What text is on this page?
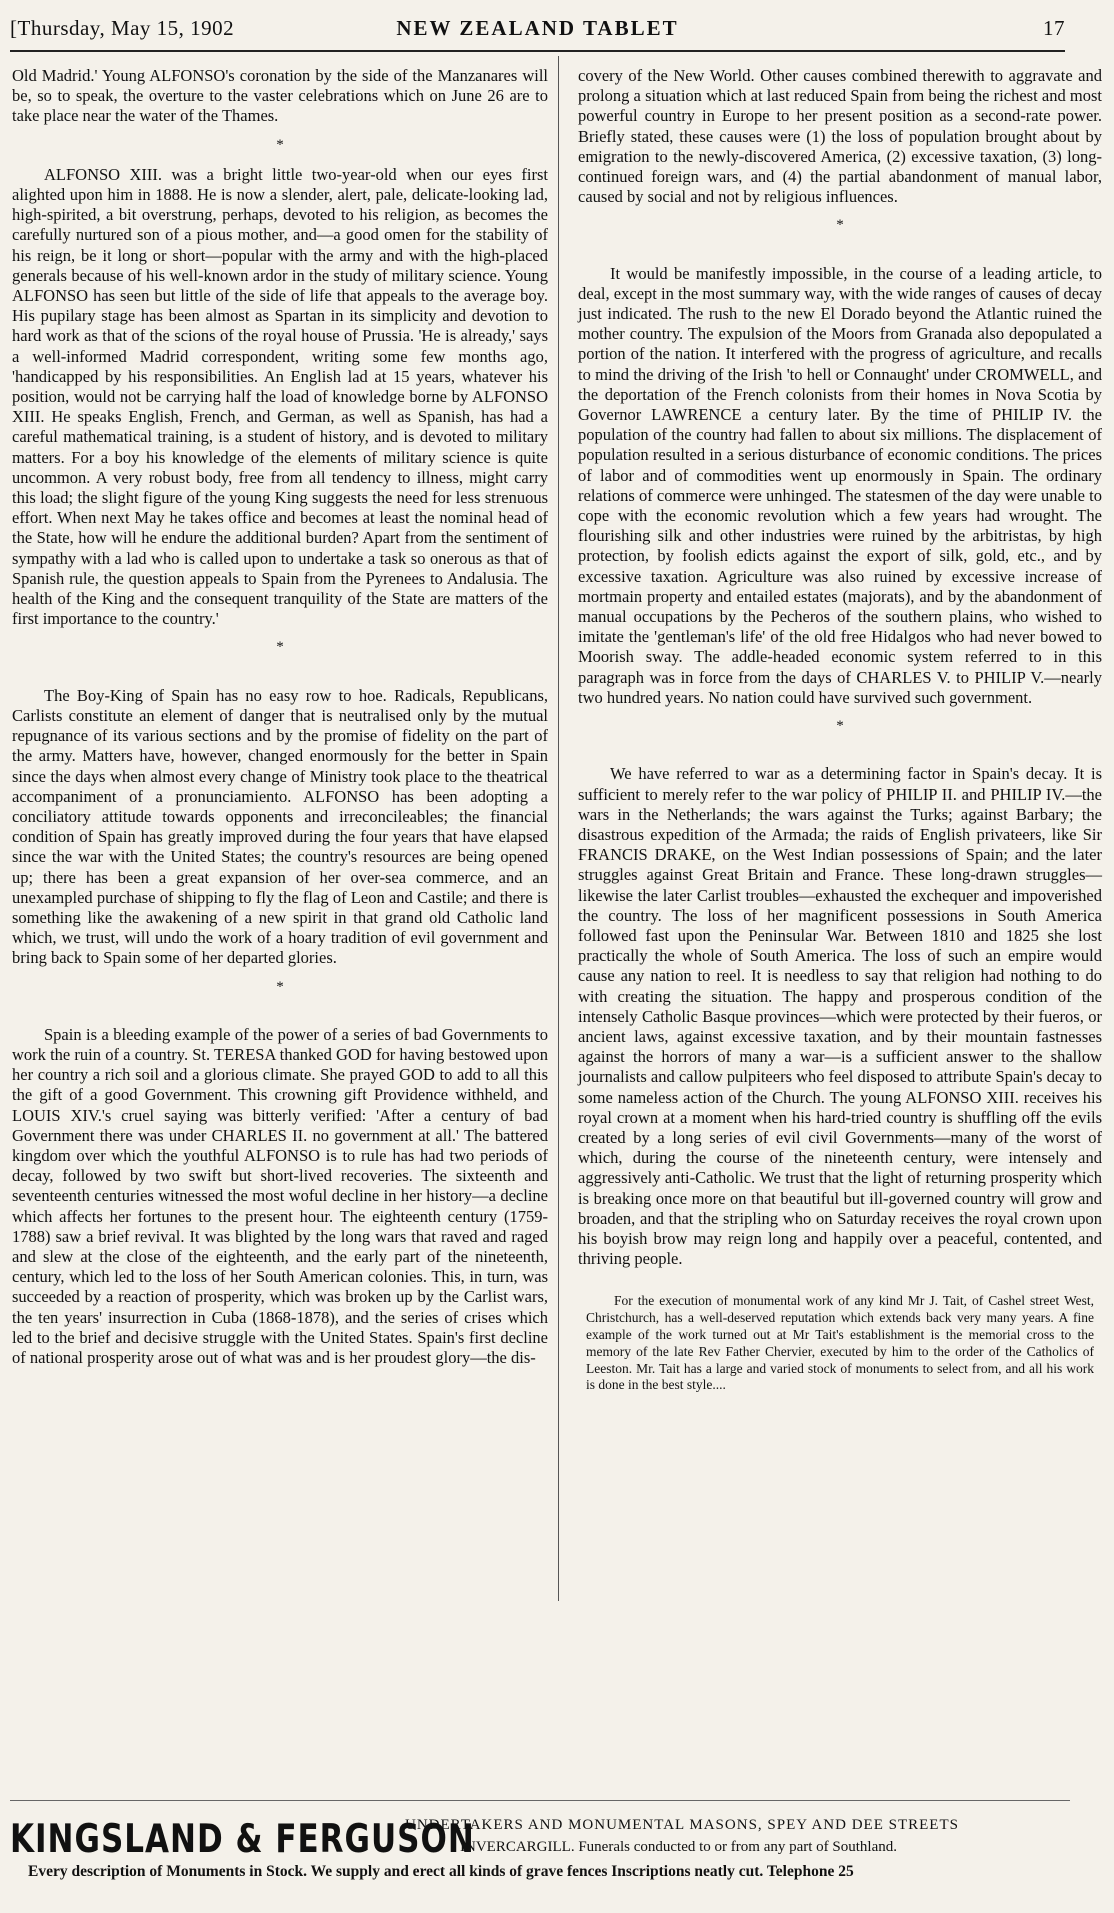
[Thursday, May 15, 1902	NEW ZEALAND TABLET	17

Old Madrid.' Young ALFONSO's coronation by the side of the Manzanares will be, so to speak, the overture to the vaster celebrations which on June 26 are to take place near the water of the Thames.

*

ALFONSO XIII. was a bright little two-year-old when our eyes first alighted upon him in 1888. He is now a slender, alert, pale, delicate-looking lad, high-spirited, a bit overstrung, perhaps, devoted to his religion, as becomes the carefully nurtured son of a pious mother, and—a good omen for the stability of his reign, be it long or short—popular with the army and with the high-placed generals because of his well-known ardor in the study of military science. Young ALFONSO has seen but little of the side of life that appeals to the average boy. His pupilary stage has been almost as Spartan in its simplicity and devotion to hard work as that of the scions of the royal house of Prussia. 'He is already,' says a well-informed Madrid correspondent, writing some few months ago, 'handicapped by his responsibilities. An English lad at 15 years, whatever his position, would not be carrying half the load of knowledge borne by ALFONSO XIII. He speaks English, French, and German, as well as Spanish, has had a careful mathematical training, is a student of history, and is devoted to military matters. For a boy his knowledge of the elements of military science is quite uncommon. A very robust body, free from all tendency to illness, might carry this load; the slight figure of the young King suggests the need for less strenuous effort. When next May he takes office and becomes at least the nominal head of the State, how will he endure the additional burden? Apart from the sentiment of sympathy with a lad who is called upon to undertake a task so onerous as that of Spanish rule, the question appeals to Spain from the Pyrenees to Andalusia. The health of the King and the consequent tranquility of the State are matters of the first importance to the country.'

*

The Boy-King of Spain has no easy row to hoe. Radicals, Republicans, Carlists constitute an element of danger that is neutralised only by the mutual repugnance of its various sections and by the promise of fidelity on the part of the army. Matters have, however, changed enormously for the better in Spain since the days when almost every change of Ministry took place to the theatrical accompaniment of a pronunciamiento. ALFONSO has been adopting a conciliatory attitude towards opponents and irreconcileables; the financial condition of Spain has greatly improved during the four years that have elapsed since the war with the United States; the country's resources are being opened up; there has been a great expansion of her over-sea commerce, and an unexampled purchase of shipping to fly the flag of Leon and Castile; and there is something like the awakening of a new spirit in that grand old Catholic land which, we trust, will undo the work of a hoary tradition of evil government and bring back to Spain some of her departed glories.

*

Spain is a bleeding example of the power of a series of bad Governments to work the ruin of a country. St. TERESA thanked GOD for having bestowed upon her country a rich soil and a glorious climate. She prayed GOD to add to all this the gift of a good Government. This crowning gift Providence withheld, and LOUIS XIV.'s cruel saying was bitterly verified: 'After a century of bad Government there was under CHARLES II. no government at all.' The battered kingdom over which the youthful ALFONSO is to rule has had two periods of decay, followed by two swift but short-lived recoveries. The sixteenth and seventeenth centuries witnessed the most woful decline in her history—a decline which affects her fortunes to the present hour. The eighteenth century (1759-1788) saw a brief revival. It was blighted by the long wars that raved and raged and slew at the close of the eighteenth, and the early part of the nineteenth, century, which led to the loss of her South American colonies. This, in turn, was succeeded by a reaction of prosperity, which was broken up by the Carlist wars, the ten years' insurrection in Cuba (1868-1878), and the series of crises which led to the brief and decisive struggle with the United States. Spain's first decline of national prosperity arose out of what was and is her proudest glory—the dis-

covery of the New World. Other causes combined therewith to aggravate and prolong a situation which at last reduced Spain from being the richest and most powerful country in Europe to her present position as a second-rate power. Briefly stated, these causes were (1) the loss of population brought about by emigration to the newly-discovered America, (2) excessive taxation, (3) long-continued foreign wars, and (4) the partial abandonment of manual labor, caused by social and not by religious influences.

*

It would be manifestly impossible, in the course of a leading article, to deal, except in the most summary way, with the wide ranges of causes of decay just indicated. The rush to the new El Dorado beyond the Atlantic ruined the mother country. The expulsion of the Moors from Granada also depopulated a portion of the nation. It interfered with the progress of agriculture, and recalls to mind the driving of the Irish 'to hell or Connaught' under CROMWELL, and the deportation of the French colonists from their homes in Nova Scotia by Governor LAWRENCE a century later. By the time of PHILIP IV. the population of the country had fallen to about six millions. The displacement of population resulted in a serious disturbance of economic conditions. The prices of labor and of commodities went up enormously in Spain. The ordinary relations of commerce were unhinged. The statesmen of the day were unable to cope with the economic revolution which a few years had wrought. The flourishing silk and other industries were ruined by the arbitristas, by high protection, by foolish edicts against the export of silk, gold, etc., and by excessive taxation. Agriculture was also ruined by excessive increase of mortmain property and entailed estates (majorats), and by the abandonment of manual occupations by the Pecheros of the southern plains, who wished to imitate the 'gentleman's life' of the old free Hidalgos who had never bowed to Moorish sway. The addle-headed economic system referred to in this paragraph was in force from the days of CHARLES V. to PHILIP V.—nearly two hundred years. No nation could have survived such government.

*

We have referred to war as a determining factor in Spain's decay. It is sufficient to merely refer to the war policy of PHILIP II. and PHILIP IV.—the wars in the Netherlands; the wars against the Turks; against Barbary; the disastrous expedition of the Armada; the raids of English privateers, like Sir FRANCIS DRAKE, on the West Indian possessions of Spain; and the later struggles against Great Britain and France. These long-drawn struggles—likewise the later Carlist troubles—exhausted the exchequer and impoverished the country. The loss of her magnificent possessions in South America followed fast upon the Peninsular War. Between 1810 and 1825 she lost practically the whole of South America. The loss of such an empire would cause any nation to reel. It is needless to say that religion had nothing to do with creating the situation. The happy and prosperous condition of the intensely Catholic Basque provinces—which were protected by their fueros, or ancient laws, against excessive taxation, and by their mountain fastnesses against the horrors of many a war—is a sufficient answer to the shallow journalists and callow pulpiteers who feel disposed to attribute Spain's decay to some nameless action of the Church. The young ALFONSO XIII. receives his royal crown at a moment when his hard-tried country is shuffling off the evils created by a long series of evil civil Governments—many of the worst of which, during the course of the nineteenth century, were intensely and aggressively anti-Catholic. We trust that the light of returning prosperity which is breaking once more on that beautiful but ill-governed country will grow and broaden, and that the stripling who on Saturday receives the royal crown upon his boyish brow may reign long and happily over a peaceful, contented, and thriving people.

For the execution of monumental work of any kind Mr J. Tait, of Cashel street West, Christchurch, has a well-deserved reputation which extends back very many years. A fine example of the work turned out at Mr Tait's establishment is the memorial cross to the memory of the late Rev Father Chervier, executed by him to the order of the Catholics of Leeston. Mr. Tait has a large and varied stock of monuments to select from, and all his work is done in the best style....

KINGSLAND & FERGUSON
UNDERTAKERS AND MONUMENTAL MASONS, SPEY AND DEE STREETS
INVERCARGILL. Funerals conducted to or from any part of Southland.
Every description of Monuments in Stock. We supply and erect all kinds of grave fences Inscriptions neatly cut. Telephone 25
